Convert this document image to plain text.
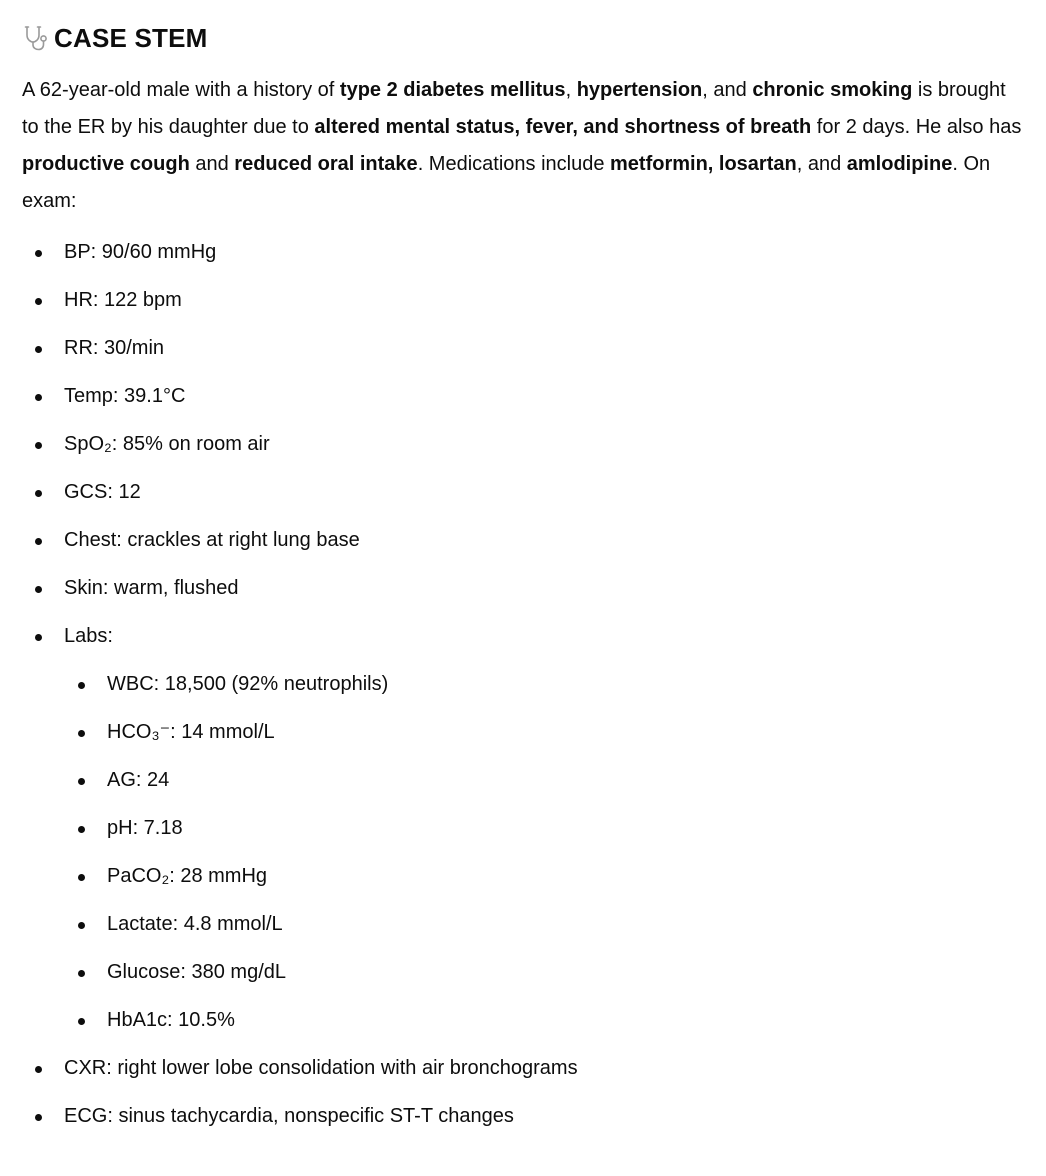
CASE STEM

A 62-year-old male with a history of type 2 diabetes mellitus, hypertension, and chronic smoking is brought to the ER by his daughter due to altered mental status, fever, and shortness of breath for 2 days. He also has productive cough and reduced oral intake. Medications include metformin, losartan, and amlodipine. On exam:

BP: 90/60 mmHg
HR: 122 bpm
RR: 30/min
Temp: 39.1°C
SpO₂: 85% on room air
GCS: 12
Chest: crackles at right lung base
Skin: warm, flushed
Labs:
WBC: 18,500 (92% neutrophils)
HCO₃⁻: 14 mmol/L
AG: 24
pH: 7.18
PaCO₂: 28 mmHg
Lactate: 4.8 mmol/L
Glucose: 380 mg/dL
HbA1c: 10.5%
CXR: right lower lobe consolidation with air bronchograms
ECG: sinus tachycardia, nonspecific ST-T changes
